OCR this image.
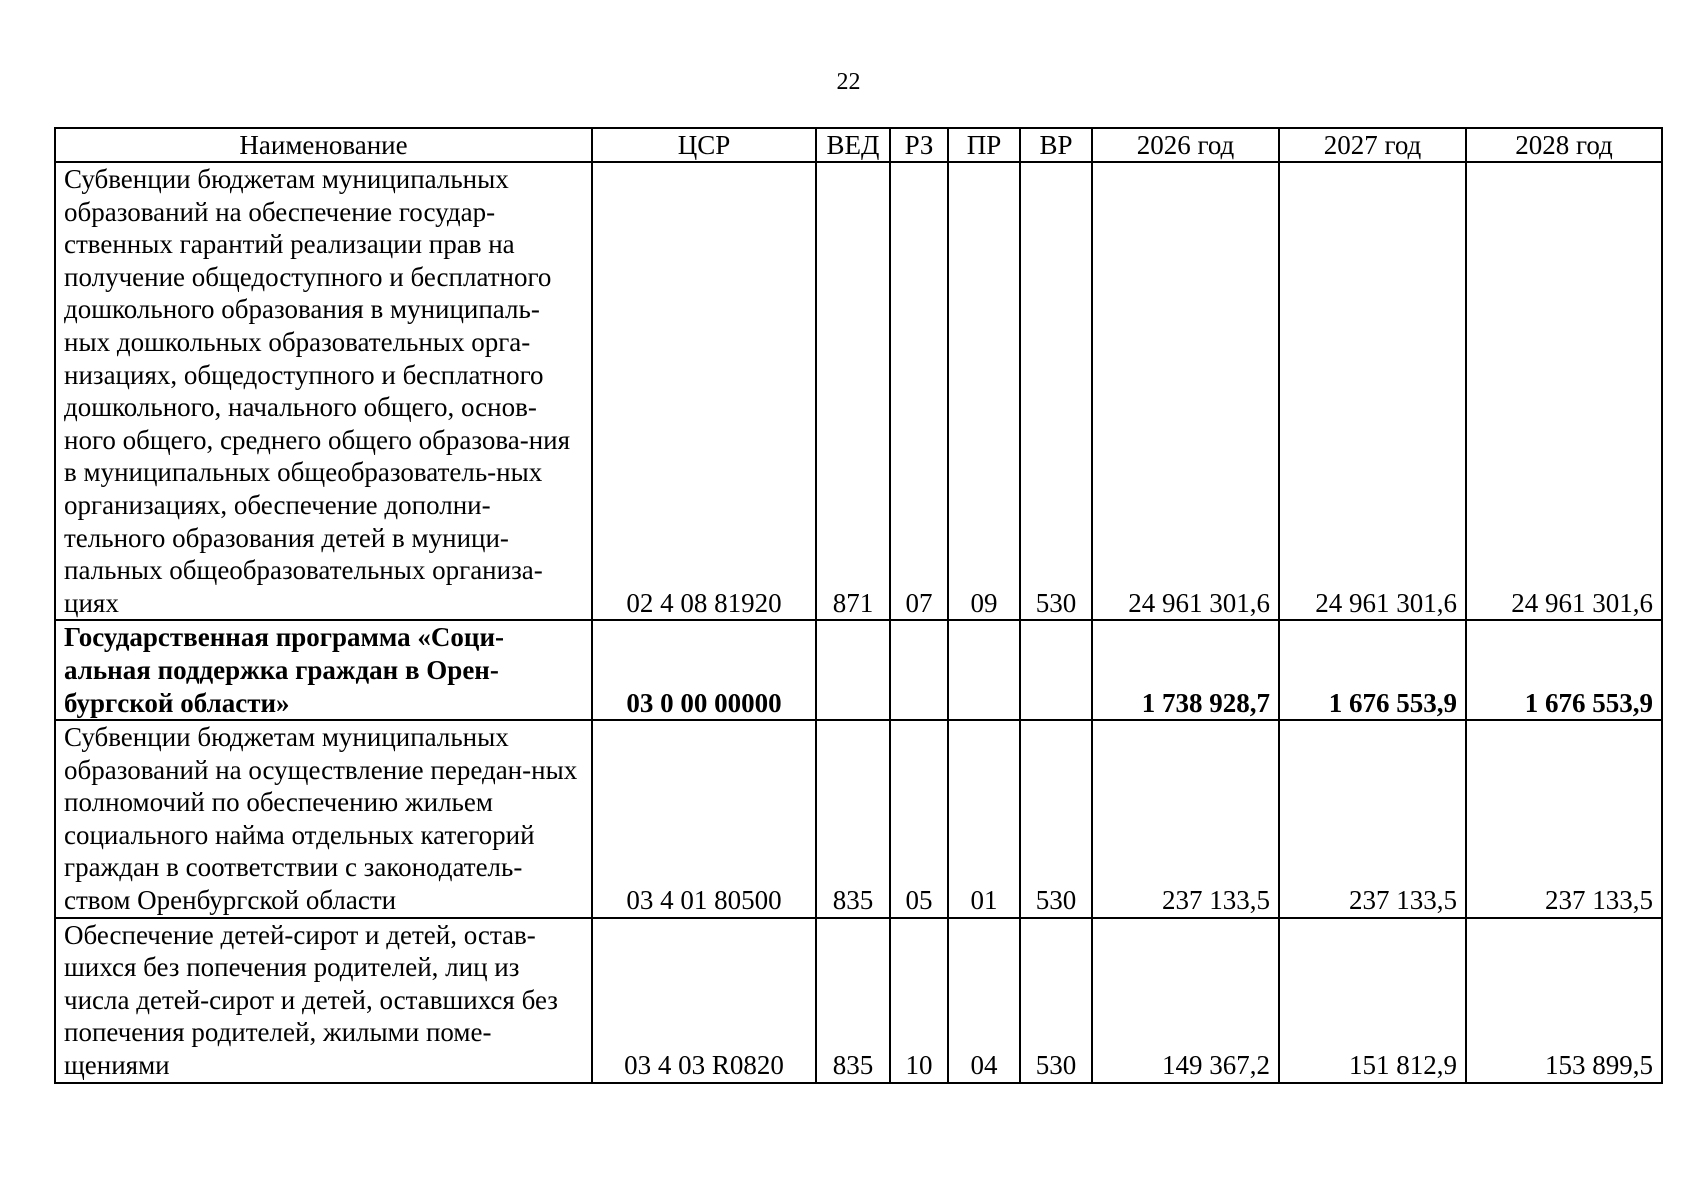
22
Наименование	ЦСР	ВЕД	РЗ	ПР	ВР	2026 год	2027 год	2028 год
Субвенции бюджетам муниципальных образований на обеспечение государ-ственных гарантий реализации прав на получение общедоступного и бесплатного дошкольного образования в муниципаль-ных дошкольных образовательных орга-низациях, общедоступного и бесплатного дошкольного, начального общего, основ-ного общего, среднего общего образова-ния в муниципальных общеобразователь-ных организациях, обеспечение дополни-тельного образования детей в муници-пальных общеобразовательных организа-циях	02 4 08 81920	871	07	09	530	24 961 301,6	24 961 301,6	24 961 301,6
Государственная программа «Соци-альная поддержка граждан в Орен-бургской области»	03 0 00 00000					1 738 928,7	1 676 553,9	1 676 553,9
Субвенции бюджетам муниципальных образований на осуществление передан-ных полномочий по обеспечению жильем социального найма отдельных категорий граждан в соответствии с законодатель-ством Оренбургской области	03 4 01 80500	835	05	01	530	237 133,5	237 133,5	237 133,5
Обеспечение детей-сирот и детей, остав-шихся без попечения родителей, лиц из числа детей-сирот и детей, оставшихся без попечения родителей, жилыми поме-щениями	03 4 03 R0820	835	10	04	530	149 367,2	151 812,9	153 899,5
